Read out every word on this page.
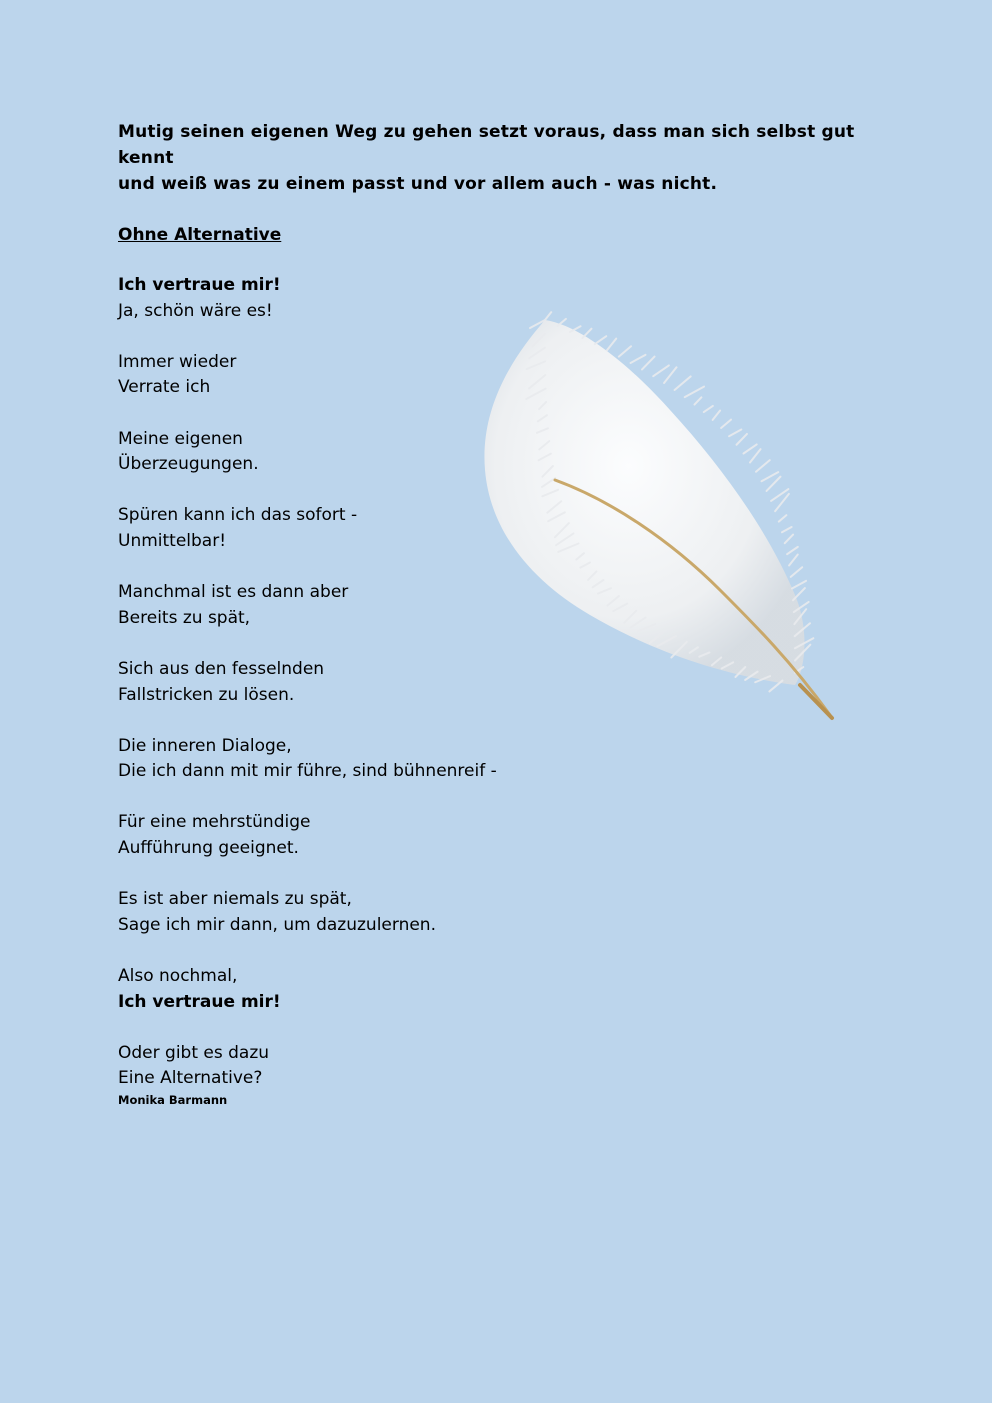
Mutig seinen eigenen Weg zu gehen setzt voraus, dass man sich selbst gut kennt

und weiß was zu einem passt und vor allem auch - was nicht.

Ohne Alternative
Ich vertraue mir!
Ja, schön wäre es!
Immer wieder
Verrate ich
Meine eigenen
Überzeugungen.
Spüren kann ich das sofort -
Unmittelbar!
Manchmal ist es dann aber
Bereits zu spät,
Sich aus den fesselnden
Fallstricken zu lösen.
Die inneren Dialoge,
Die ich dann mit mir führe, sind bühnenreif -
Für eine mehrstündige
Aufführung geeignet.
Es ist aber niemals zu spät,
Sage ich mir dann, um dazuzulernen.
Also nochmal,
Ich vertraue mir!
Oder gibt es dazu
Eine Alternative?
Monika Barmann
